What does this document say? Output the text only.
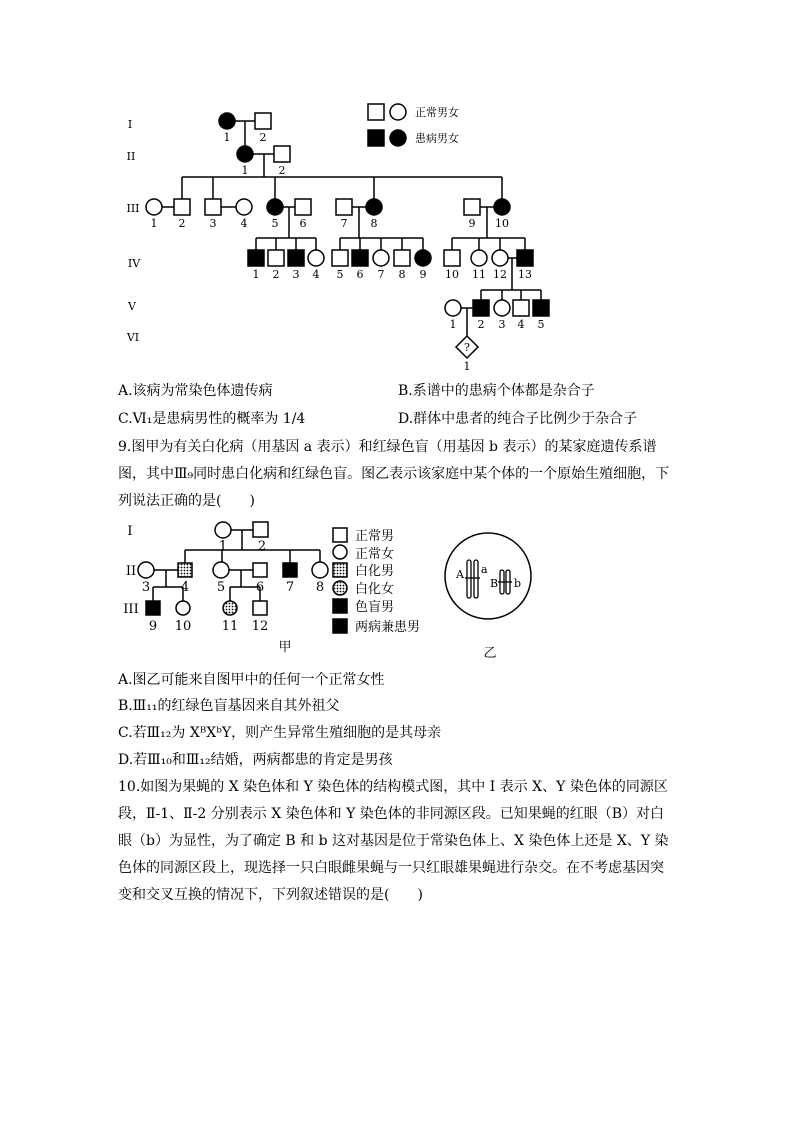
I
II
III
IV
V
VI
1	2
1	2
1 2 3 4 5 6	7 8	9 10
1 2 3 4 5 6 7 8 9 10 11 12 13
1 2 3 4 5
1
?
正常男女
患病男女
A.该病为常染色体遗传病	B.系谱中的患病个体都是杂合子
C.Ⅵ₁是患病男性的概率为 1/4	D.群体中患者的纯合子比例少于杂合子
9.图甲为有关白化病（用基因 a 表示）和红绿色盲（用基因 b 表示）的某家庭遗传系谱
图，其中Ⅲ₉同时患白化病和红绿色盲。图乙表示该家庭中某个体的一个原始生殖细胞，下
列说法正确的是(　　)
I
II
III
1 2
3 4 5 6 7 8
9 10 11 12
甲	乙
正常男
正常女
白化男
白化女
色盲男
两病兼患男
A a
B b
A.图乙可能来自图甲中的任何一个正常女性
B.Ⅲ₁₁的红绿色盲基因来自其外祖父
C.若Ⅲ₁₂为 XᴮXᵇY，则产生异常生殖细胞的是其母亲
D.若Ⅲ₁₀和Ⅲ₁₂结婚，两病都患的肯定是男孩
10.如图为果蝇的 X 染色体和 Y 染色体的结构模式图，其中 I 表示 X、Y 染色体的同源区
段，Ⅱ-1、Ⅱ-2 分别表示 X 染色体和 Y 染色体的非同源区段。已知果蝇的红眼（B）对白
眼（b）为显性，为了确定 B 和 b 这对基因是位于常染色体上、X 染色体上还是 X、Y 染
色体的同源区段上，现选择一只白眼雌果蝇与一只红眼雄果蝇进行杂交。在不考虑基因突
变和交叉互换的情况下，下列叙述错误的是(　　)
